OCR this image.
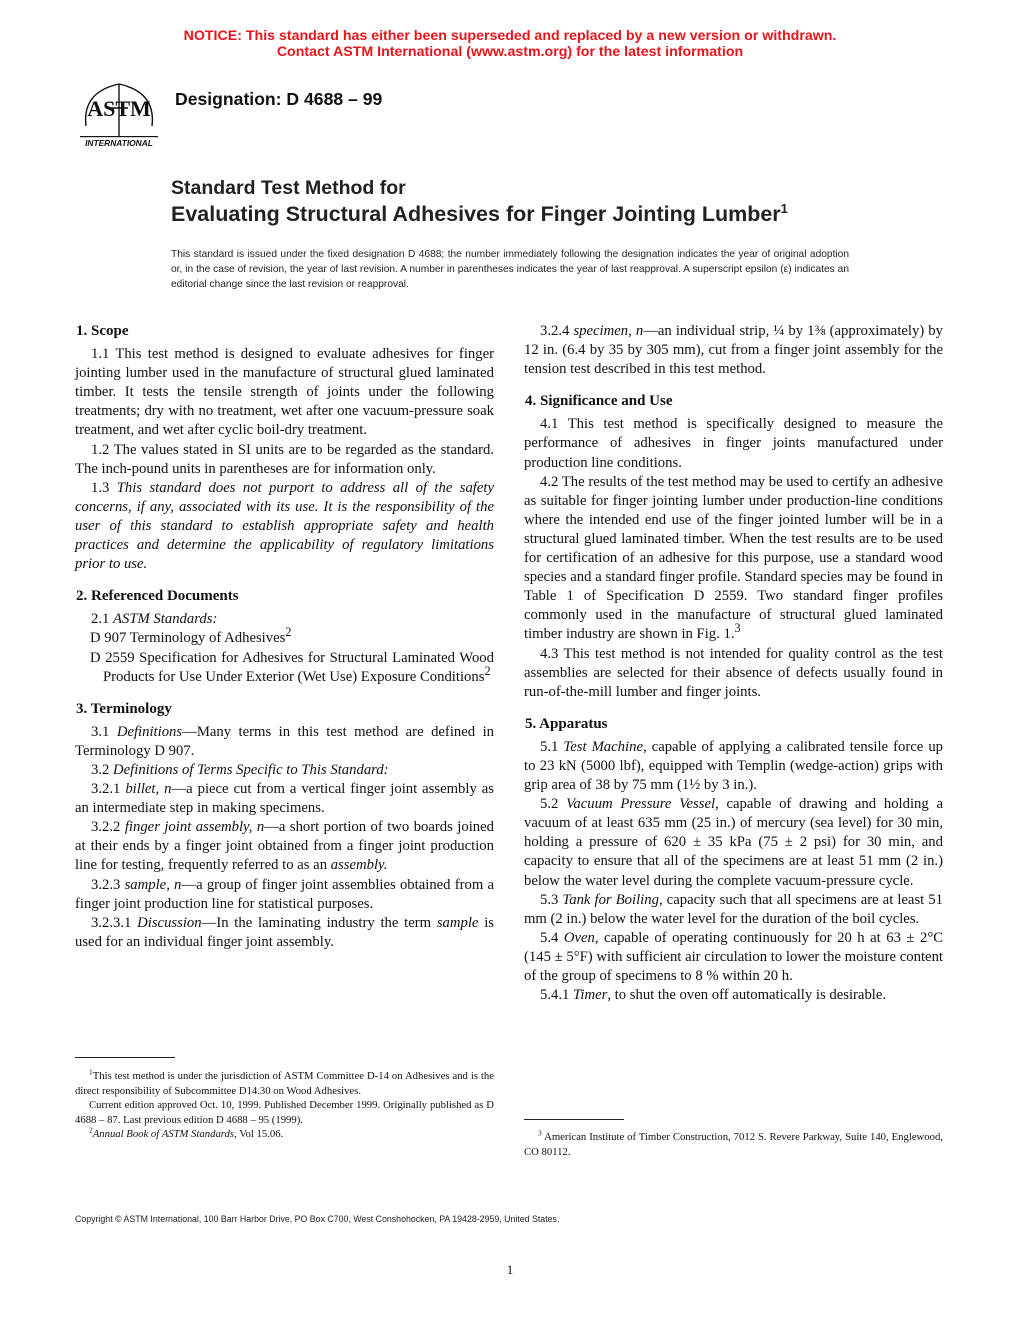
NOTICE: This standard has either been superseded and replaced by a new version or withdrawn.
Contact ASTM International (www.astm.org) for the latest information
ASTM
INTERNATIONAL
Designation: D 4688 – 99
Standard Test Method for
Evaluating Structural Adhesives for Finger Jointing Lumber$^1$
This standard is issued under the fixed designation D 4688; the number immediately following the designation indicates the year of original adoption or, in the case of revision, the year of last revision. A number in parentheses indicates the year of last reapproval. A superscript epsilon (ε) indicates an editorial change since the last revision or reapproval.
1. Scope

1.1 This test method is designed to evaluate adhesives for finger jointing lumber used in the manufacture of structural glued laminated timber. It tests the tensile strength of joints under the following treatments; dry with no treatment, wet after one vacuum-pressure soak treatment, and wet after cyclic boil-dry treatment.

1.2 The values stated in SI units are to be regarded as the standard. The inch-pound units in parentheses are for information only.

1.3 This standard does not purport to address all of the safety concerns, if any, associated with its use. It is the responsibility of the user of this standard to establish appropriate safety and health practices and determine the applicability of regulatory limitations prior to use.

2. Referenced Documents

2.1 ASTM Standards:

D 907 Terminology of Adhesives$^2$

D 2559 Specification for Adhesives for Structural Laminated Wood Products for Use Under Exterior (Wet Use) Exposure Conditions$^2$

3. Terminology

3.1 Definitions—Many terms in this test method are defined in Terminology D 907.

3.2 Definitions of Terms Specific to This Standard:

3.2.1 billet, n—a piece cut from a vertical finger joint assembly as an intermediate step in making specimens.

3.2.2 finger joint assembly, n—a short portion of two boards joined at their ends by a finger joint obtained from a finger joint production line for testing, frequently referred to as an assembly.

3.2.3 sample, n—a group of finger joint assemblies obtained from a finger joint production line for statistical purposes.

3.2.3.1 Discussion—In the laminating industry the term sample is used for an individual finger joint assembly.

$^1$This test method is under the jurisdiction of ASTM Committee D-14 on Adhesives and is the direct responsibility of Subcommittee D14.30 on Wood Adhesives.

Current edition approved Oct. 10, 1999. Published December 1999. Originally published as D 4688 – 87. Last previous edition D 4688 – 95 (1999).

$^2$Annual Book of ASTM Standards, Vol 15.06.

3.2.4 specimen, n—an individual strip, ¼ by 1⅜ (approximately) by 12 in. (6.4 by 35 by 305 mm), cut from a finger joint assembly for the tension test described in this test method.

4. Significance and Use

4.1 This test method is specifically designed to measure the performance of adhesives in finger joints manufactured under production line conditions.

4.2 The results of the test method may be used to certify an adhesive as suitable for finger jointing lumber under production-line conditions where the intended end use of the finger jointed lumber will be in a structural glued laminated timber. When the test results are to be used for certification of an adhesive for this purpose, use a standard wood species and a standard finger profile. Standard species may be found in Table 1 of Specification D 2559. Two standard finger profiles commonly used in the manufacture of structural glued laminated timber industry are shown in Fig. 1.$^3$

4.3 This test method is not intended for quality control as the test assemblies are selected for their absence of defects usually found in run-of-the-mill lumber and finger joints.

5. Apparatus

5.1 Test Machine, capable of applying a calibrated tensile force up to 23 kN (5000 lbf), equipped with Templin (wedge-action) grips with grip area of 38 by 75 mm (1½ by 3 in.).

5.2 Vacuum Pressure Vessel, capable of drawing and holding a vacuum of at least 635 mm (25 in.) of mercury (sea level) for 30 min, holding a pressure of 620 ± 35 kPa (75 ± 2 psi) for 30 min, and capacity to ensure that all of the specimens are at least 51 mm (2 in.) below the water level during the complete vacuum-pressure cycle.

5.3 Tank for Boiling, capacity such that all specimens are at least 51 mm (2 in.) below the water level for the duration of the boil cycles.

5.4 Oven, capable of operating continuously for 20 h at 63 ± 2°C (145 ± 5°F) with sufficient air circulation to lower the moisture content of the group of specimens to 8 % within 20 h.

5.4.1 Timer, to shut the oven off automatically is desirable.

$^3$ American Institute of Timber Construction, 7012 S. Revere Parkway, Suite 140, Englewood, CO 80112.

Copyright © ASTM International, 100 Barr Harbor Drive, PO Box C700, West Conshohocken, PA 19428-2959, United States.
1
